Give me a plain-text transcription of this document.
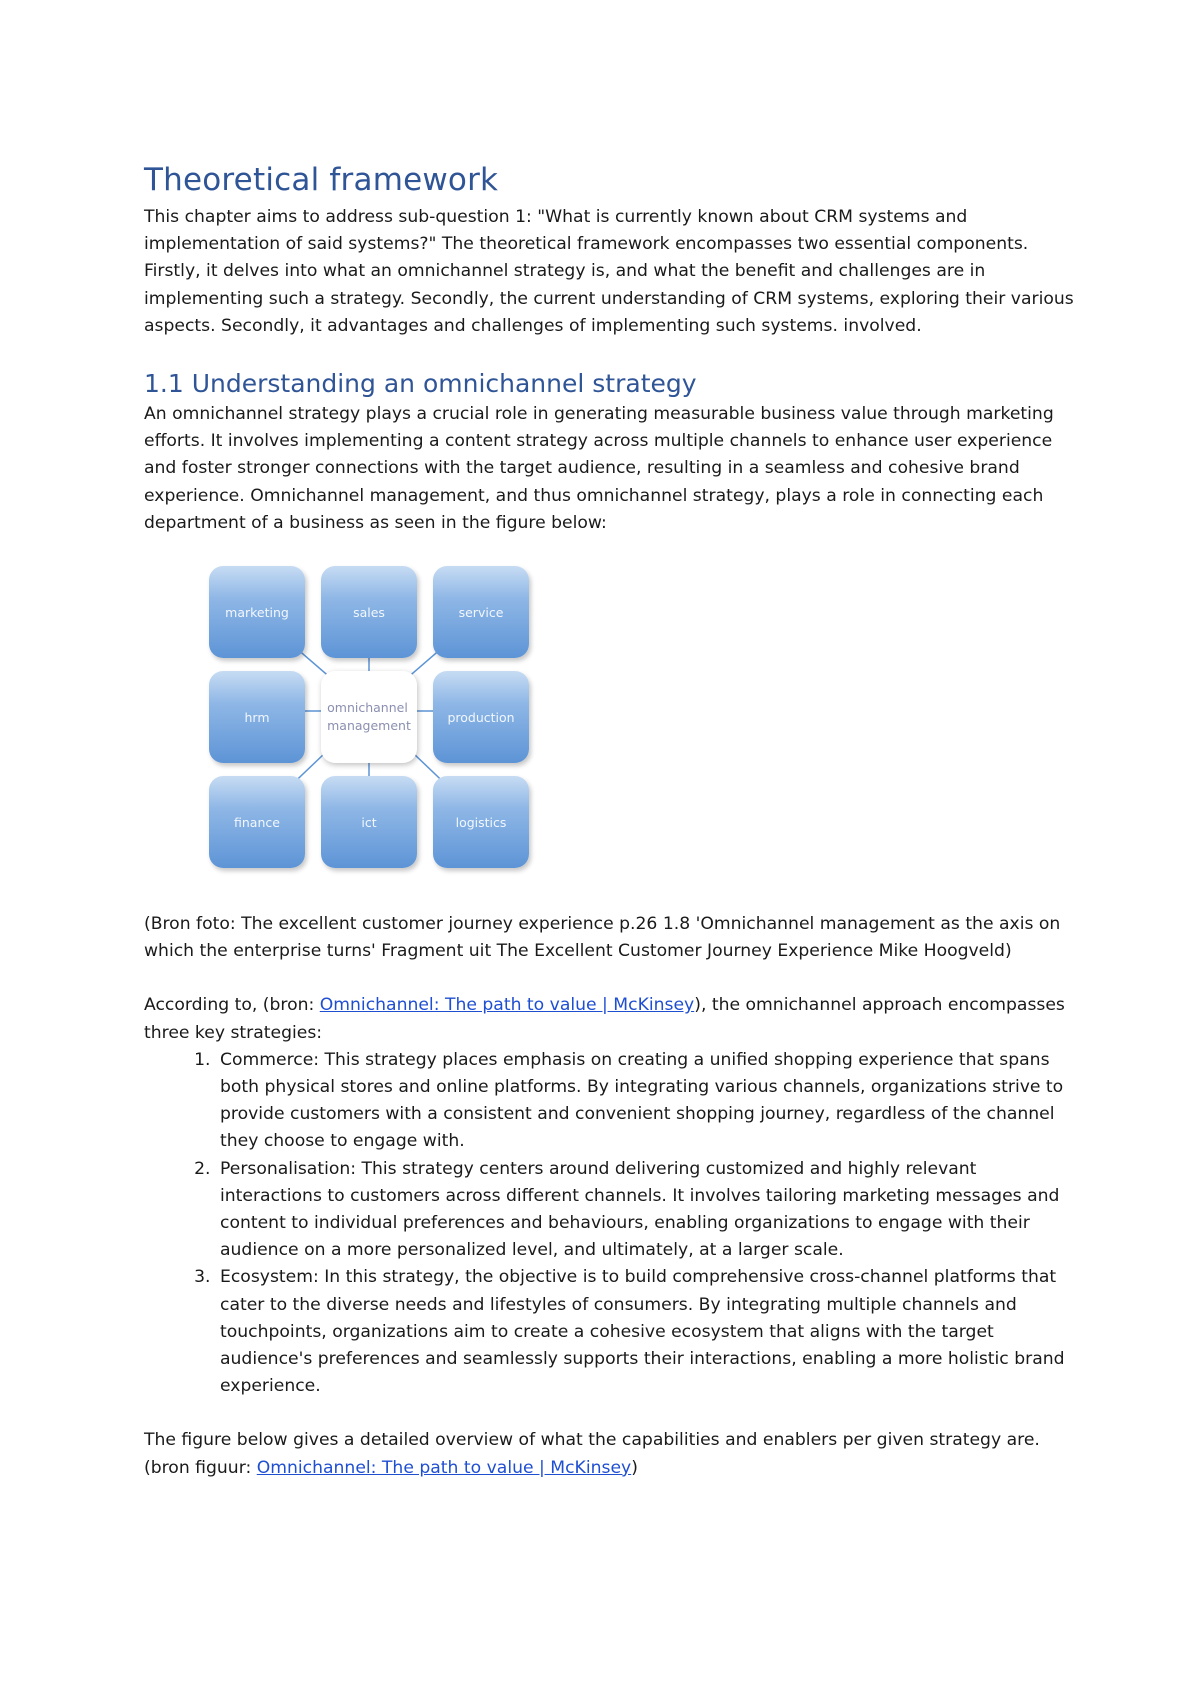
Theoretical framework

This chapter aims to address sub-question 1: "What is currently known about CRM systems and implementation of said systems?" The theoretical framework encompasses two essential components. Firstly, it delves into what an omnichannel strategy is, and what the benefit and challenges are in implementing such a strategy. Secondly, the current understanding of CRM systems, exploring their various aspects. Secondly, it advantages and challenges of implementing such systems. involved.

1.1 Understanding an omnichannel strategy

An omnichannel strategy plays a crucial role in generating measurable business value through marketing efforts. It involves implementing a content strategy across multiple channels to enhance user experience and foster stronger connections with the target audience, resulting in a seamless and cohesive brand experience. Omnichannel management, and thus omnichannel strategy, plays a role in connecting each department of a business as seen in the figure below:

marketing	sales	service
hrm
omnichannel
management
production
finance	ict	logistics

(Bron foto: The excellent customer journey experience p.26 1.8 'Omnichannel management as the axis on which the enterprise turns' Fragment uit The Excellent Customer Journey Experience Mike Hoogveld)

According to, (bron: Omnichannel: The path to value | McKinsey), the omnichannel approach encompasses three key strategies:

1. Commerce: This strategy places emphasis on creating a unified shopping experience that spans both physical stores and online platforms. By integrating various channels, organizations strive to provide customers with a consistent and convenient shopping journey, regardless of the channel they choose to engage with.
2. Personalisation: This strategy centers around delivering customized and highly relevant interactions to customers across different channels. It involves tailoring marketing messages and content to individual preferences and behaviours, enabling organizations to engage with their audience on a more personalized level, and ultimately, at a larger scale.
3. Ecosystem: In this strategy, the objective is to build comprehensive cross-channel platforms that cater to the diverse needs and lifestyles of consumers. By integrating multiple channels and touchpoints, organizations aim to create a cohesive ecosystem that aligns with the target audience's preferences and seamlessly supports their interactions, enabling a more holistic brand experience.

The figure below gives a detailed overview of what the capabilities and enablers per given strategy are. (bron figuur: Omnichannel: The path to value | McKinsey)
